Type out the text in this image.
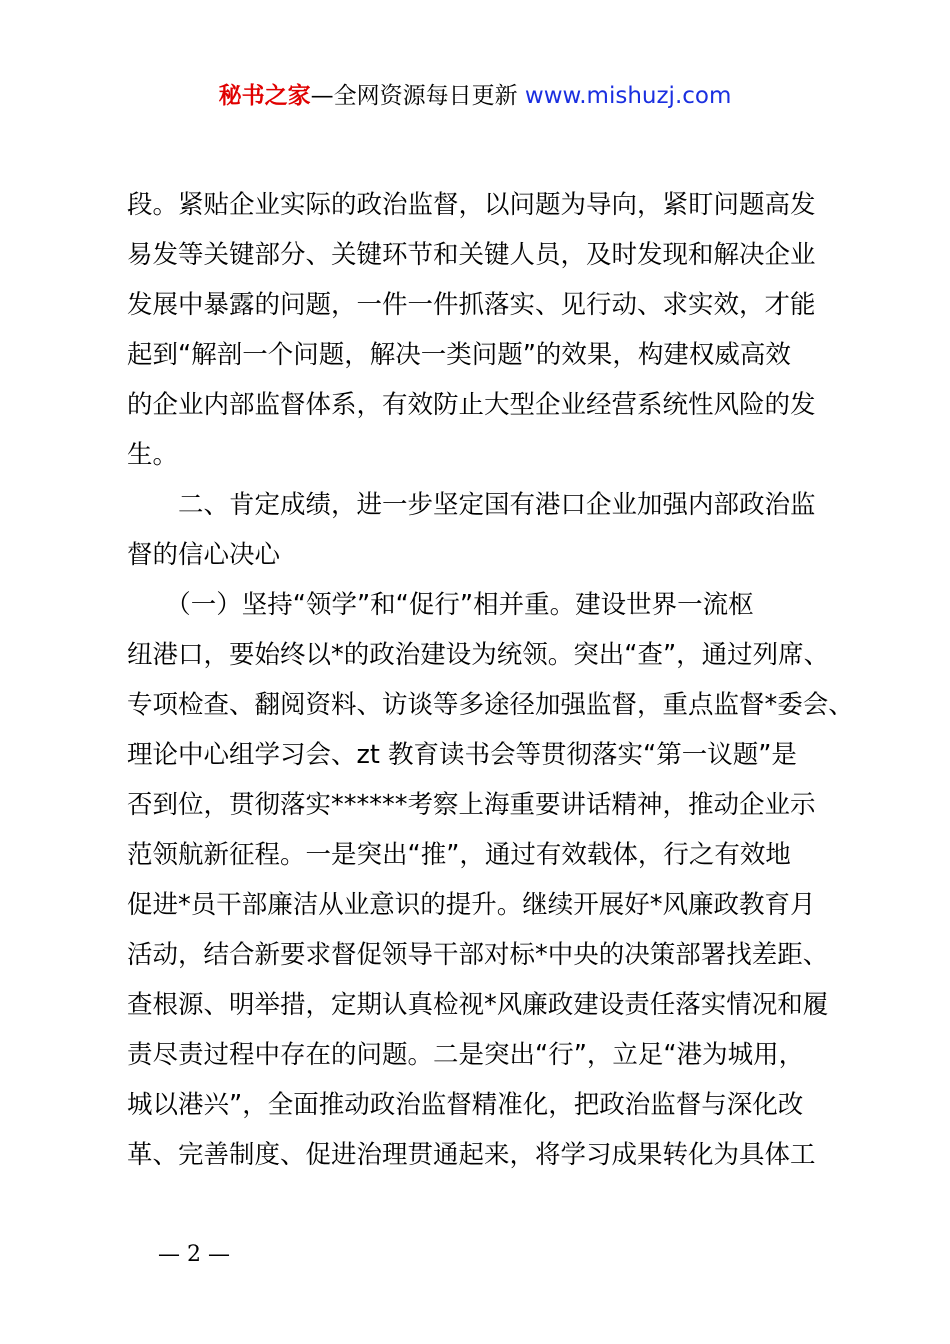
秘书之家—全网资源每日更新 www.mishuzj.com
段。紧贴企业实际的政治监督，以问题为导向，紧盯问题高发
易发等关键部分、关键环节和关键人员，及时发现和解决企业
发展中暴露的问题，一件一件抓落实、见行动、求实效，才能
起到“解剖一个问题，解决一类问题”的效果，构建权威高效
的企业内部监督体系，有效防止大型企业经营系统性风险的发
生。
　　二、肯定成绩，进一步坚定国有港口企业加强内部政治监
督的信心决心
　　（一）坚持“领学”和“促行”相并重。建设世界一流枢
纽港口，要始终以*的政治建设为统领。突出“查”，通过列席、
专项检查、翻阅资料、访谈等多途径加强监督，重点监督*委会、
理论中心组学习会、zt 教育读书会等贯彻落实“第一议题”是
否到位，贯彻落实******考察上海重要讲话精神，推动企业示
范领航新征程。一是突出“推”，通过有效载体，行之有效地
促进*员干部廉洁从业意识的提升。继续开展好*风廉政教育月
活动，结合新要求督促领导干部对标*中央的决策部署找差距、
查根源、明举措，定期认真检视*风廉政建设责任落实情况和履
责尽责过程中存在的问题。二是突出“行”，立足“港为城用，
城以港兴”，全面推动政治监督精准化，把政治监督与深化改
革、完善制度、促进治理贯通起来，将学习成果转化为具体工
— 2 —
